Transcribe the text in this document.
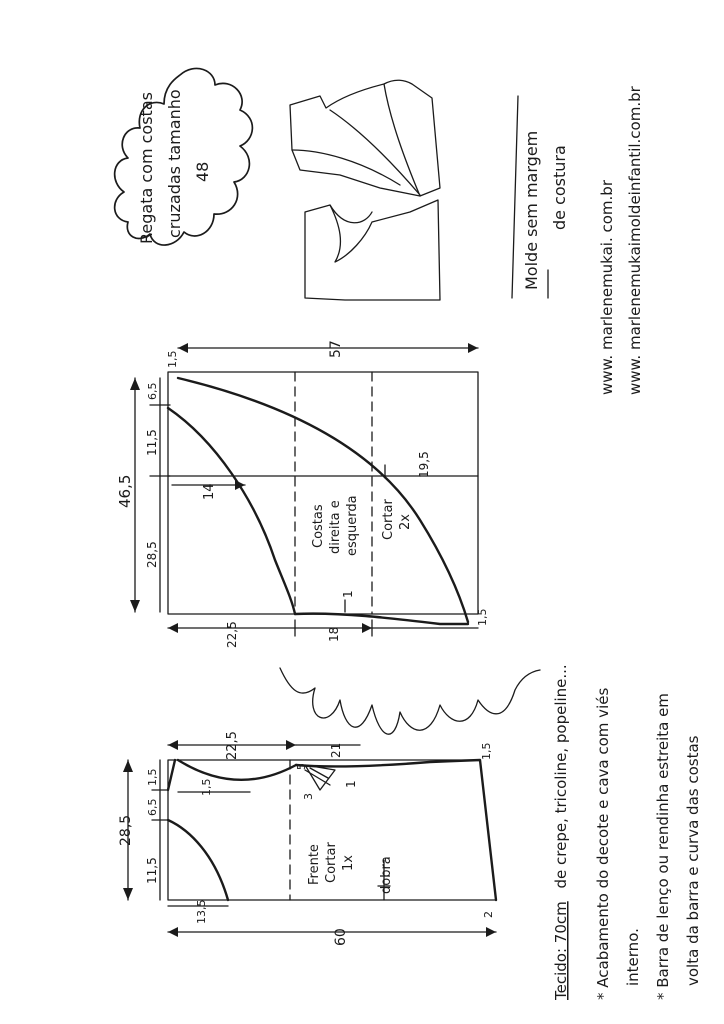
Regata com costas cruzadas tamanho 48	Molde sem margem de costura www. marlenemukai. com.br www. marlenemukaimoldeinfantil.com.br
Costas direita e esquerda Cortar 2x
57
1,5
46,5
6,5
11,5
28,5
14
19,5
22,5	18
1,5
1
Marlene Mukai
Frente Cortar 1x dobra
28,5
1,5
6,5
11,5
1,5
22,5	21
5
3
1
1,5
13,5	2
60	Tecido: 70cm de crepe, tricoline, popeline... * Acabamento do decote e cava com viés interno. * Barra de lenço ou rendinha estreita em volta da barra e curva das costas
